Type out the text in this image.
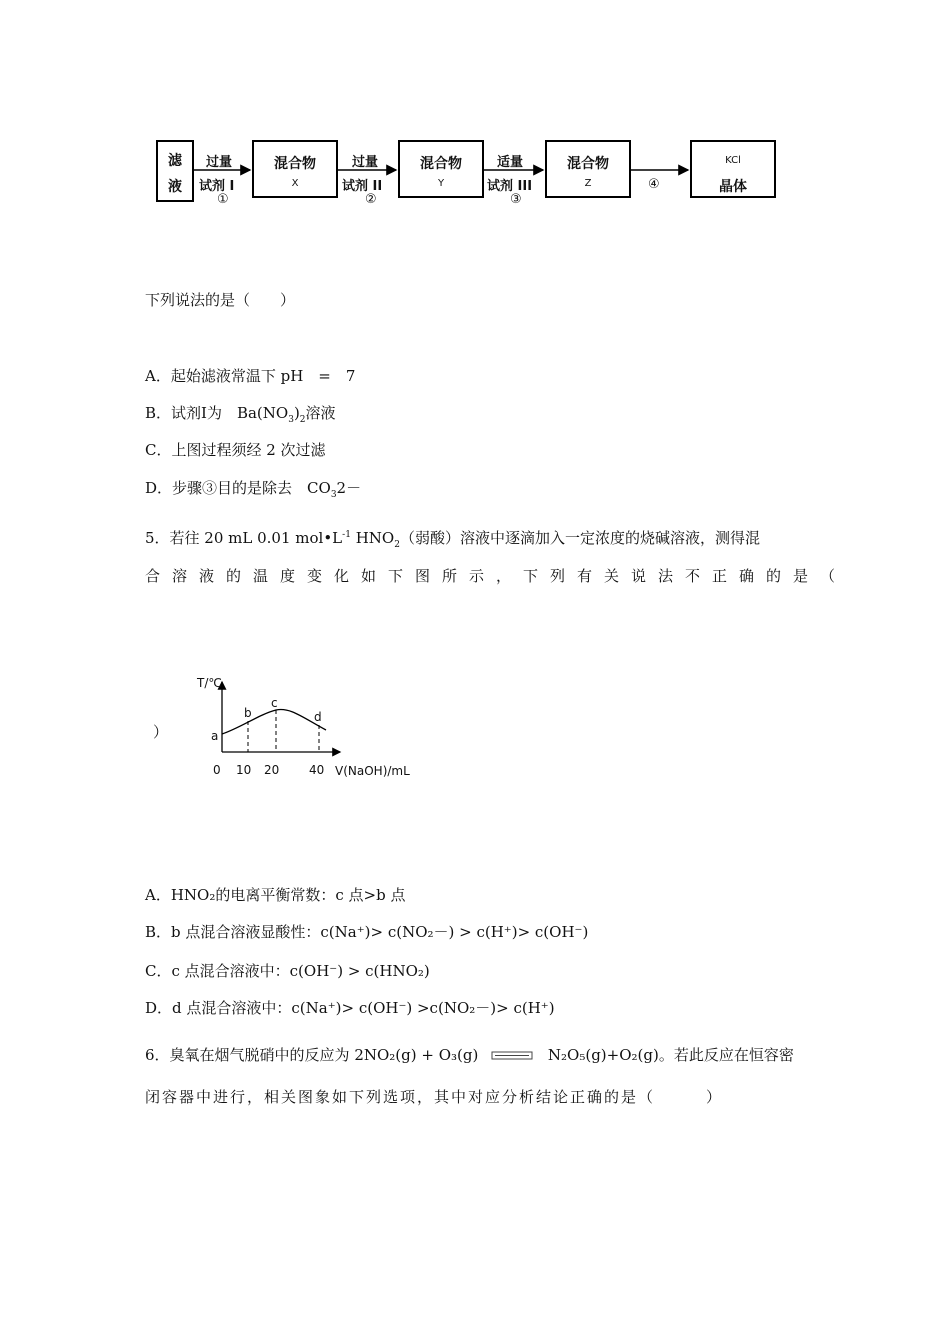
滤
液
混合物
X
混合物
Y
混合物
Z
KCl
晶体
过量
试剂 I
①
过量
试剂 II
②
适量
试剂 III
③
④
下列说法的是（　　）
A．起始滤液常温下 pH　=　7
B．试剂Ⅰ为　$Ba(NO_3)_2$溶液
C．上图过程须经 2 次过滤
D．步骤③目的是除去　$CO_32-$
5．若往 20 mL 0.01 $mol•L^{-1}$ $HNO_2$（弱酸）溶液中逐滴加入一定浓度的烧碱溶液，测得混
合溶液的温度变化如下图所示，下列有关说法不正确的是（
）
T/℃
V(NaOH)/mL
0 10 20 40
a
b
c
d
A．HNO₂的电离平衡常数：c 点>b 点
B．b 点混合溶液显酸性：c(Na⁺)> c(NO₂－) > c(H⁺)> c(OH⁻)
C．c 点混合溶液中：c(OH⁻) > c(HNO₂)
D．d 点混合溶液中：c(Na⁺)> c(OH⁻) >c(NO₂－)> c(H⁺)
6．臭氧在烟气脱硝中的反应为 2NO₂(g) + O₃(g)	N₂O₅(g)+O₂(g)。若此反应在恒容密
闭容器中进行，相关图象如下列选项，其中对应分析结论正确的是（　　　）
